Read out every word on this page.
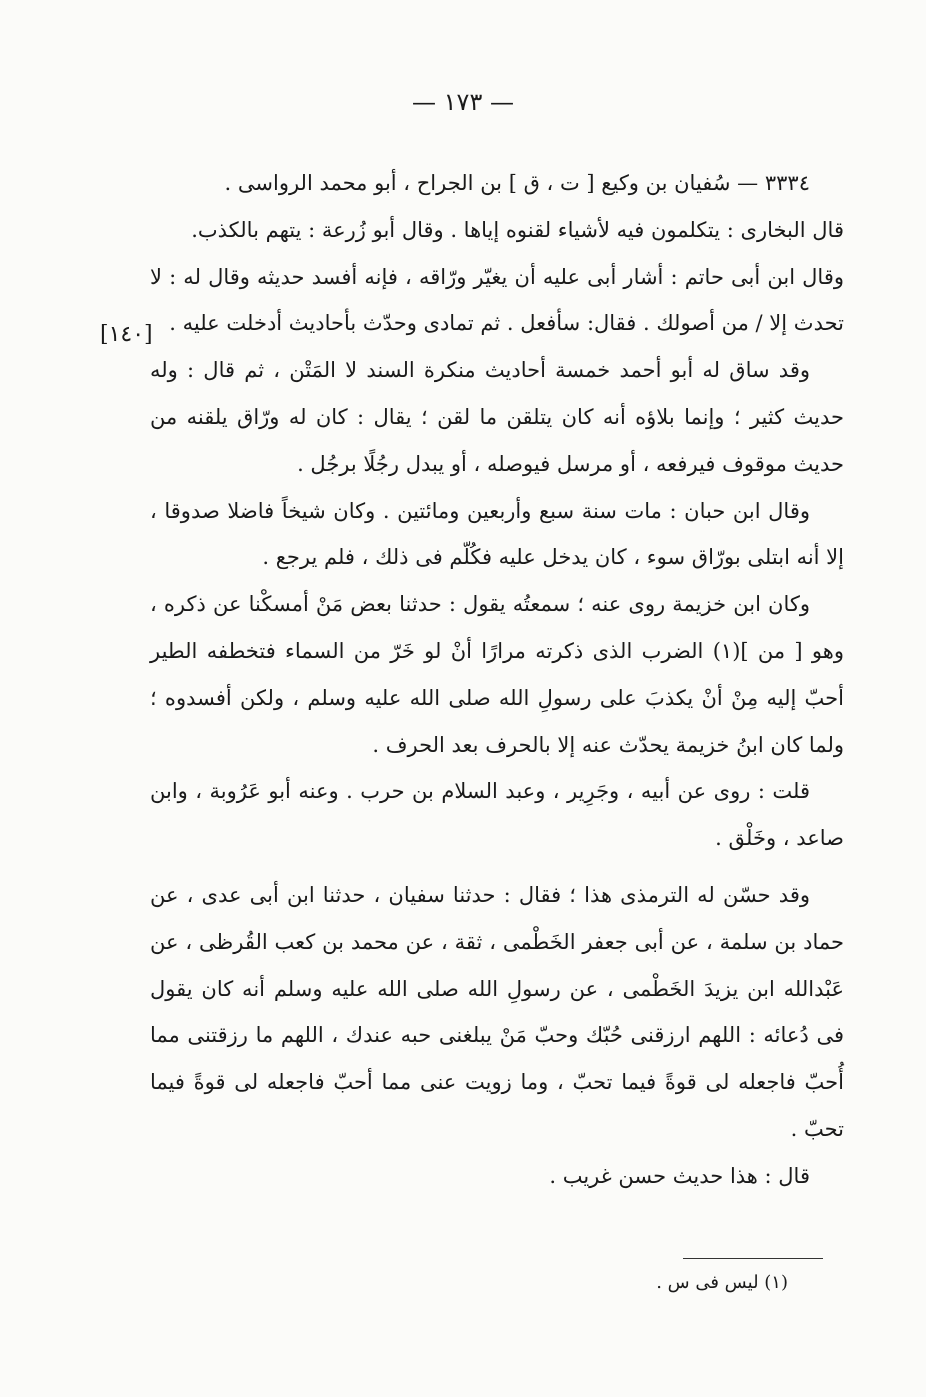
— ١٧٣ —
[١٤٠]

٣٣٣٤ — سُفيان بن وكيع [ ت ، ق ] بن الجراح ، أبو محمد الرواسى .

قال البخارى : يتكلمون فيه لأشياء لقنوه إياها . وقال أبو زُرعة : يتهم بالكذب.

وقال ابن أبى حاتم : أشار أبى عليه أن يغيّر ورّاقه ، فإنه أفسد حديثه وقال له : لا تحدث إلا / من أصولك . فقال: سأفعل . ثم تمادى وحدّث بأحاديث أدخلت عليه .

وقد ساق له أبو أحمد خمسة أحاديث منكرة السند لا المَتْن ، ثم قال : وله حديث كثير ؛ وإنما بلاؤه أنه كان يتلقن ما لقن ؛ يقال : كان له ورّاق يلقنه من حديث موقوف فيرفعه ، أو مرسل فيوصله ، أو يبدل رجُلًا برجُل .

وقال ابن حبان : مات سنة سبع وأربعين ومائتين . وكان شيخاً فاضلا صدوقا ، إلا أنه ابتلى بورّاق سوء ، كان يدخل عليه فكُلّم فى ذلك ، فلم يرجع .

وكان ابن خزيمة روى عنه ؛ سمعتُه يقول : حدثنا بعض مَنْ أمسكْنا عن ذكره ، وهو [ من ](١) الضرب الذى ذكرته مرارًا أنْ لو خَرّ من السماء فتخطفه الطير أحبّ إليه مِنْ أنْ يكذبَ على رسولِ الله صلى الله عليه وسلم ، ولكن أفسدوه ؛ ولما كان ابنُ خزيمة يحدّث عنه إلا بالحرف بعد الحرف .

قلت : روى عن أبيه ، وجَرِير ، وعبد السلام بن حرب . وعنه أبو عَرُوبة ، وابن صاعد ، وخَلْق .

وقد حسّن له الترمذى هذا ؛ فقال : حدثنا سفيان ، حدثنا ابن أبى عدى ، عن حماد بن سلمة ، عن أبى جعفر الخَطْمى ، ثقة ، عن محمد بن كعب القُرظى ، عن عَبْدالله ابن يزيدَ الخَطْمى ، عن رسولِ الله صلى الله عليه وسلم أنه كان يقول فى دُعائه : اللهم ارزقنى حُبّك وحبّ مَنْ يبلغنى حبه عندك ، اللهم ما رزقتنى مما أُحبّ فاجعله لى قوةً فيما تحبّ ، وما زويت عنى مما أحبّ فاجعله لى قوةً فيما تحبّ .

قال : هذا حديث حسن غريب .

(١) ليس فى س .
